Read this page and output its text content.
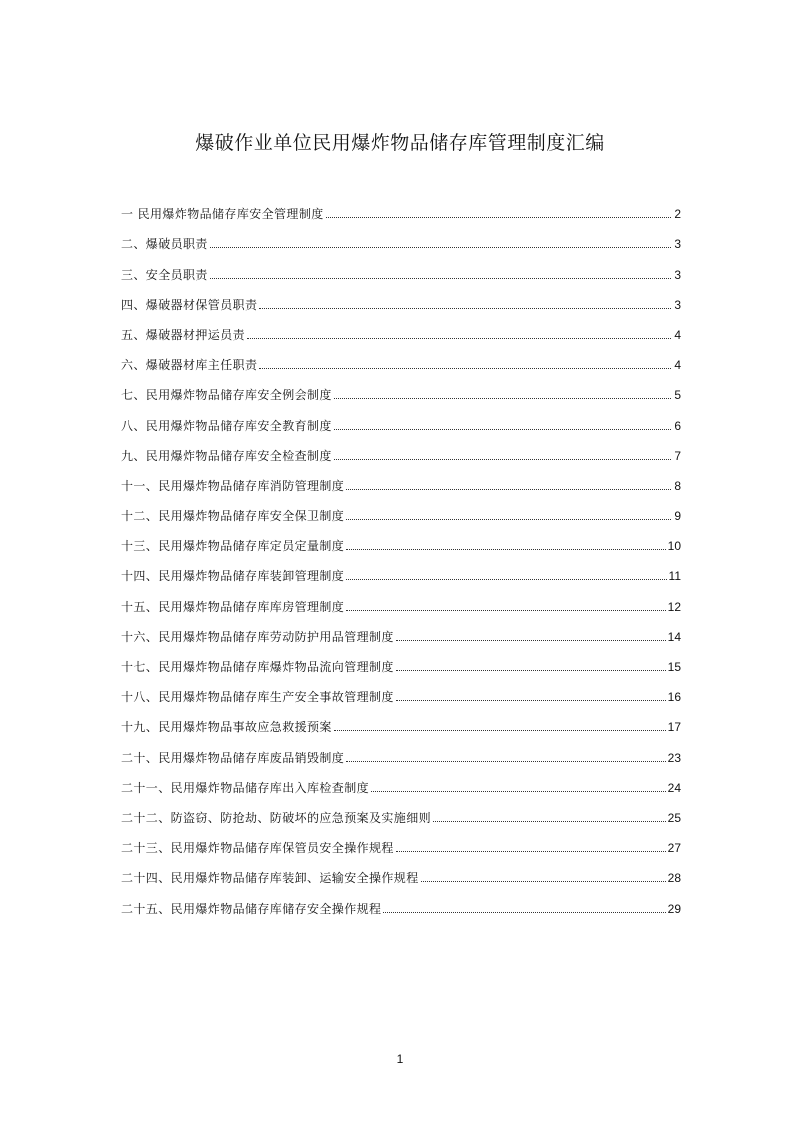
爆破作业单位民用爆炸物品储存库管理制度汇编
一 民用爆炸物品储存库安全管理制度	2
二、爆破员职责	3
三、安全员职责	3
四、爆破器材保管员职责	3
五、爆破器材押运员责	4
六、爆破器材库主任职责	4
七、民用爆炸物品储存库安全例会制度	5
八、民用爆炸物品储存库安全教育制度	6
九、民用爆炸物品储存库安全检查制度	7
十一、民用爆炸物品储存库消防管理制度	8
十二、民用爆炸物品储存库安全保卫制度	9
十三、民用爆炸物品储存库定员定量制度	10
十四、民用爆炸物品储存库装卸管理制度	11
十五、民用爆炸物品储存库库房管理制度	12
十六、民用爆炸物品储存库劳动防护用品管理制度	14
十七、民用爆炸物品储存库爆炸物品流向管理制度	15
十八、民用爆炸物品储存库生产安全事故管理制度	16
十九、民用爆炸物品事故应急救援预案	17
二十、民用爆炸物品储存库废品销毁制度	23
二十一、民用爆炸物品储存库出入库检查制度	24
二十二、防盗窃、防抢劫、防破坏的应急预案及实施细则	25
二十三、民用爆炸物品储存库保管员安全操作规程	27
二十四、民用爆炸物品储存库装卸、运输安全操作规程	28
二十五、民用爆炸物品储存库储存安全操作规程	29
1
